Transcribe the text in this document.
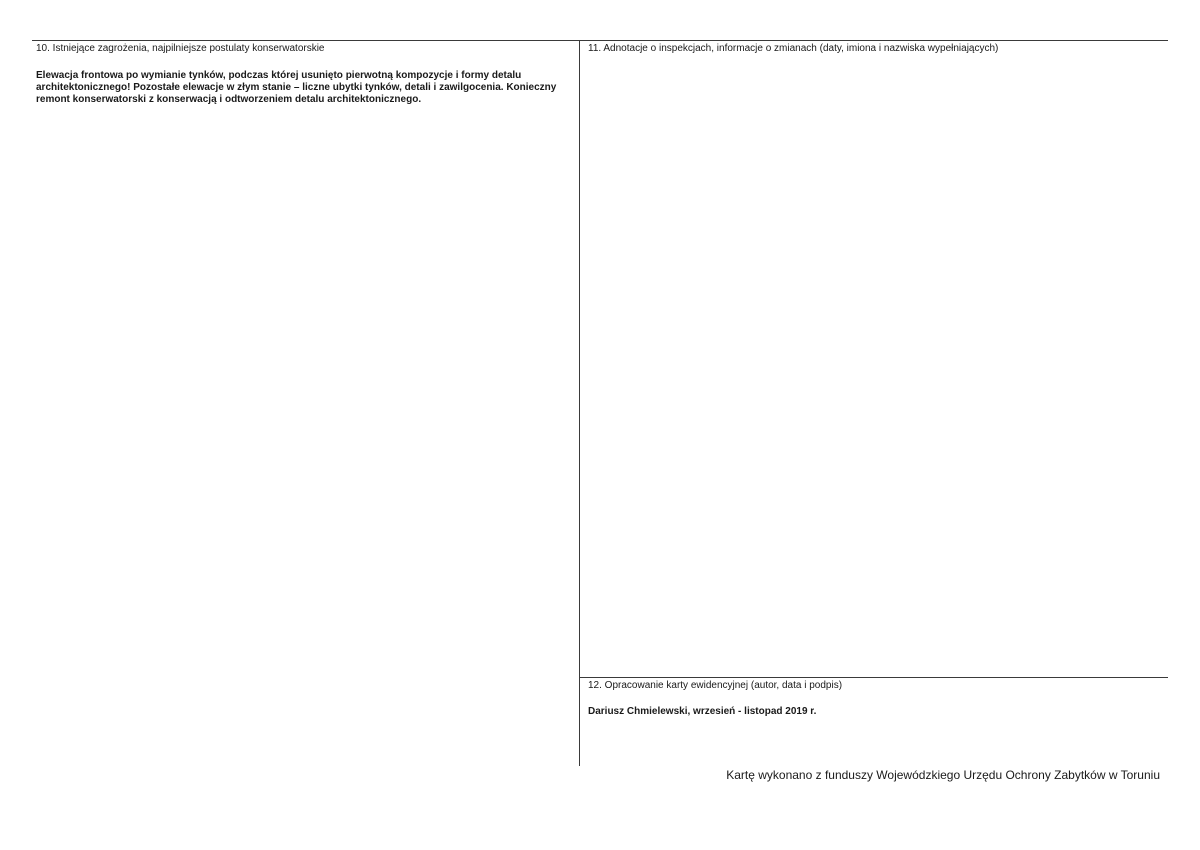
10. Istniejące zagrożenia, najpilniejsze postulaty konserwatorskie
Elewacja frontowa po wymianie tynków, podczas której usunięto pierwotną kompozycje i formy detalu architektonicznego! Pozostałe elewacje w złym stanie – liczne ubytki tynków, detali i zawilgocenia. Konieczny remont konserwatorski z konserwacją i odtworzeniem detalu architektonicznego.
11. Adnotacje o inspekcjach, informacje o zmianach (daty, imiona i nazwiska wypełniających)
12. Opracowanie karty ewidencyjnej (autor, data i podpis)
Dariusz Chmielewski, wrzesień - listopad 2019 r.
Kartę wykonano z funduszy Wojewódzkiego Urzędu Ochrony Zabytków w Toruniu
